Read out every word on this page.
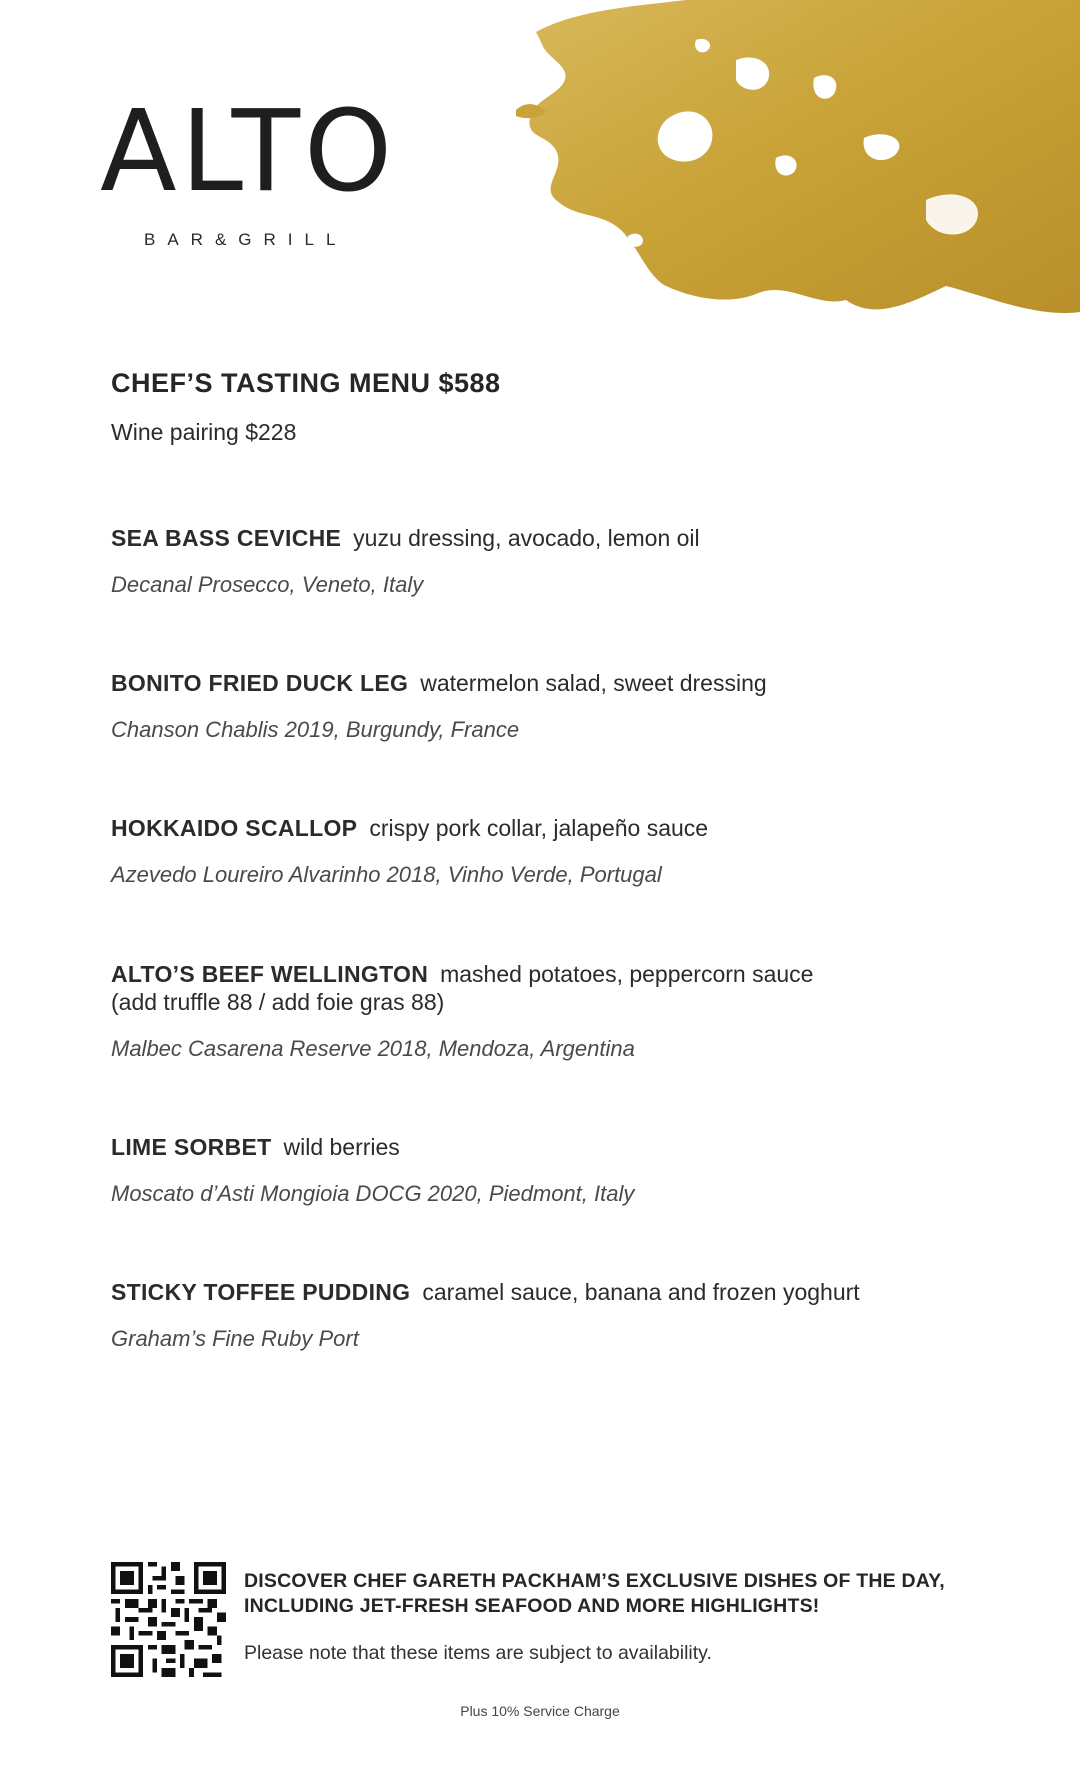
ALTO
BAR&GRILL
CHEF’S TASTING MENU $588
Wine pairing $228
SEA BASS CEVICHE yuzu dressing, avocado, lemon oil
Decanal Prosecco, Veneto, Italy
BONITO FRIED DUCK LEG watermelon salad, sweet dressing
Chanson Chablis 2019, Burgundy, France
HOKKAIDO SCALLOP crispy pork collar, jalapeño sauce
Azevedo Loureiro Alvarinho 2018, Vinho Verde, Portugal
ALTO’S BEEF WELLINGTON mashed potatoes, peppercorn sauce
(add truffle 88 / add foie gras 88)
Malbec Casarena Reserve 2018, Mendoza, Argentina
LIME SORBET wild berries
Moscato d’Asti Mongioia DOCG 2020, Piedmont, Italy
STICKY TOFFEE PUDDING caramel sauce, banana and frozen yoghurt
Graham’s Fine Ruby Port
DISCOVER CHEF GARETH PACKHAM’S EXCLUSIVE DISHES OF THE DAY,
INCLUDING JET-FRESH SEAFOOD AND MORE HIGHLIGHTS!
Please note that these items are subject to availability.
Plus 10% Service Charge
